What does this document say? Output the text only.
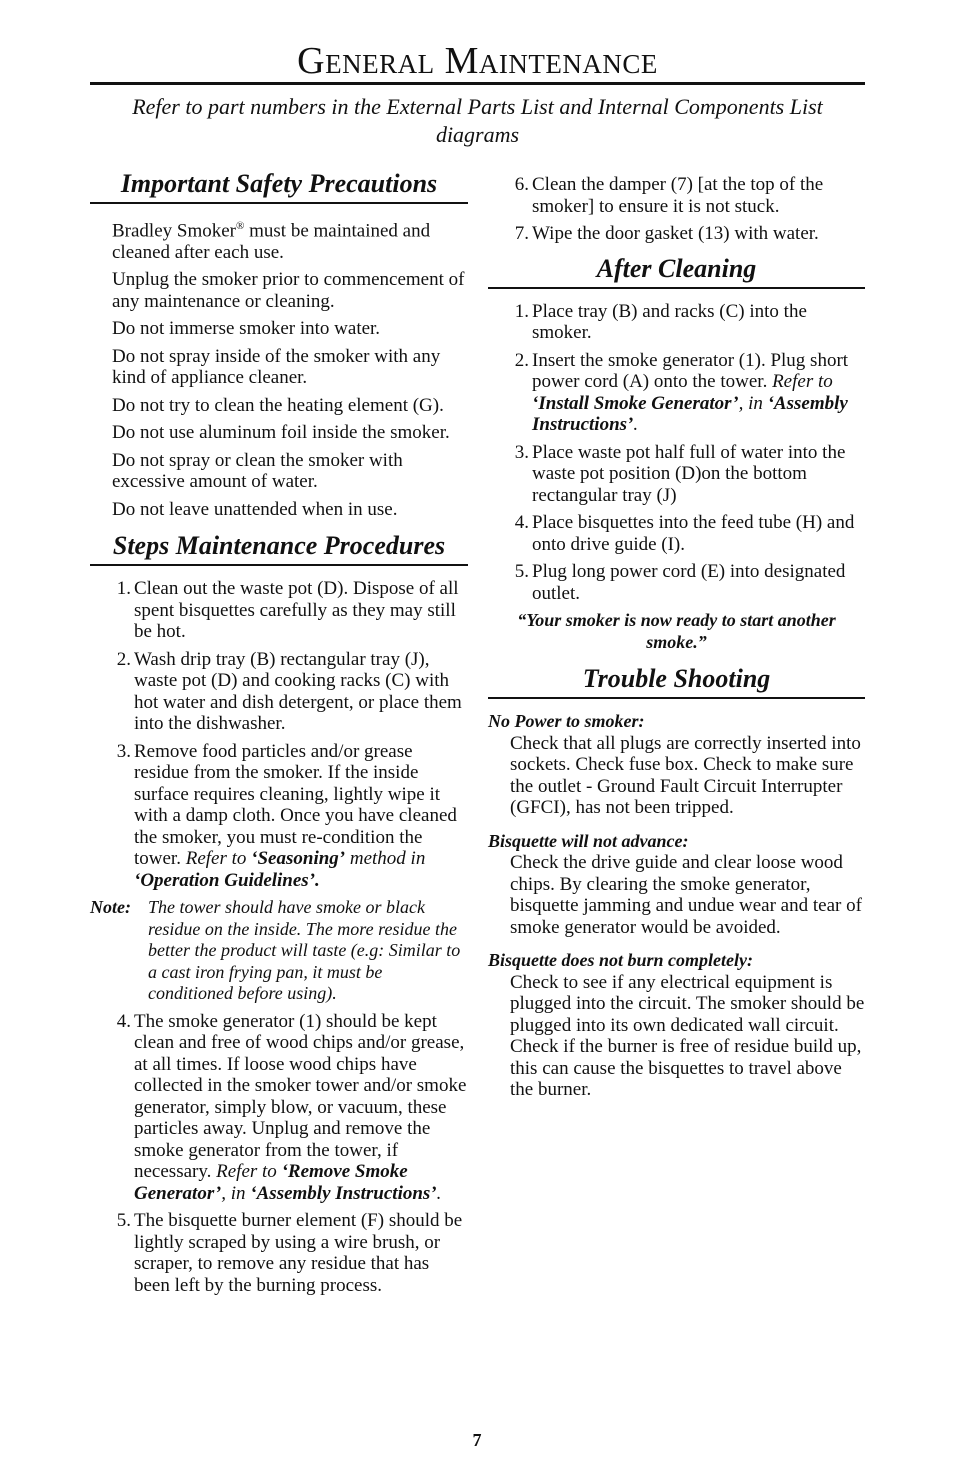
General Maintenance
Refer to part numbers in the External Parts List and Internal Components List diagrams
Important Safety Precautions
Bradley Smoker® must be maintained and cleaned after each use.
Unplug the smoker prior to commencement of any maintenance or cleaning.
Do not immerse smoker into water.
Do not spray inside of the smoker with any kind of appliance cleaner.
Do not try to clean the heating element (G).
Do not use aluminum foil inside the smoker.
Do not spray or clean the smoker with excessive amount of water.
Do not leave unattended when in use.
Steps Maintenance Procedures
1. Clean out the waste pot (D). Dispose of all spent bisquettes carefully as they may still be hot.
2. Wash drip tray (B) rectangular tray (J), waste pot (D) and cooking racks (C) with hot water and dish detergent, or place them into the dishwasher.
3. Remove food particles and/or grease residue from the smoker. If the inside surface requires cleaning, lightly wipe it with a damp cloth. Once you have cleaned the smoker, you must re-condition the tower. Refer to ‘Seasoning’ method in ‘Operation Guidelines’.
Note: The tower should have smoke or black residue on the inside. The more residue the better the product will taste (e.g: Similar to a cast iron frying pan, it must be conditioned before using).
4. The smoke generator (1) should be kept clean and free of wood chips and/or grease, at all times. If loose wood chips have collected in the smoker tower and/or smoke generator, simply blow, or vacuum, these particles away. Unplug and remove the smoke generator from the tower, if necessary. Refer to ‘Remove Smoke Generator’, in ‘Assembly Instructions’.
5. The bisquette burner element (F) should be lightly scraped by using a wire brush, or scraper, to remove any residue that has been left by the burning process.
6. Clean the damper (7) [at the top of the smoker] to ensure it is not stuck.
7. Wipe the door gasket (13) with water.
After Cleaning
1. Place tray (B) and racks (C) into the smoker.
2. Insert the smoke generator (1). Plug short power cord (A) onto the tower. Refer to ‘Install Smoke Generator’, in ‘Assembly Instructions’.
3. Place waste pot half full of water into the waste pot position (D)on the bottom rectangular tray (J)
4. Place bisquettes into the feed tube (H) and onto drive guide (I).
5. Plug long power cord (E) into designated outlet.
“Your smoker is now ready to start another smoke.”
Trouble Shooting
No Power to smoker:
Check that all plugs are correctly inserted into sockets. Check fuse box. Check to make sure the outlet - Ground Fault Circuit Interrupter (GFCI), has not been tripped.
Bisquette will not advance:
Check the drive guide and clear loose wood chips. By clearing the smoke generator, bisquette jamming and undue wear and tear of smoke generator would be avoided.
Bisquette does not burn completely:
Check to see if any electrical equipment is plugged into the circuit. The smoker should be plugged into its own dedicated wall circuit. Check if the burner is free of residue build up, this can cause the bisquettes to travel above the burner.
7
